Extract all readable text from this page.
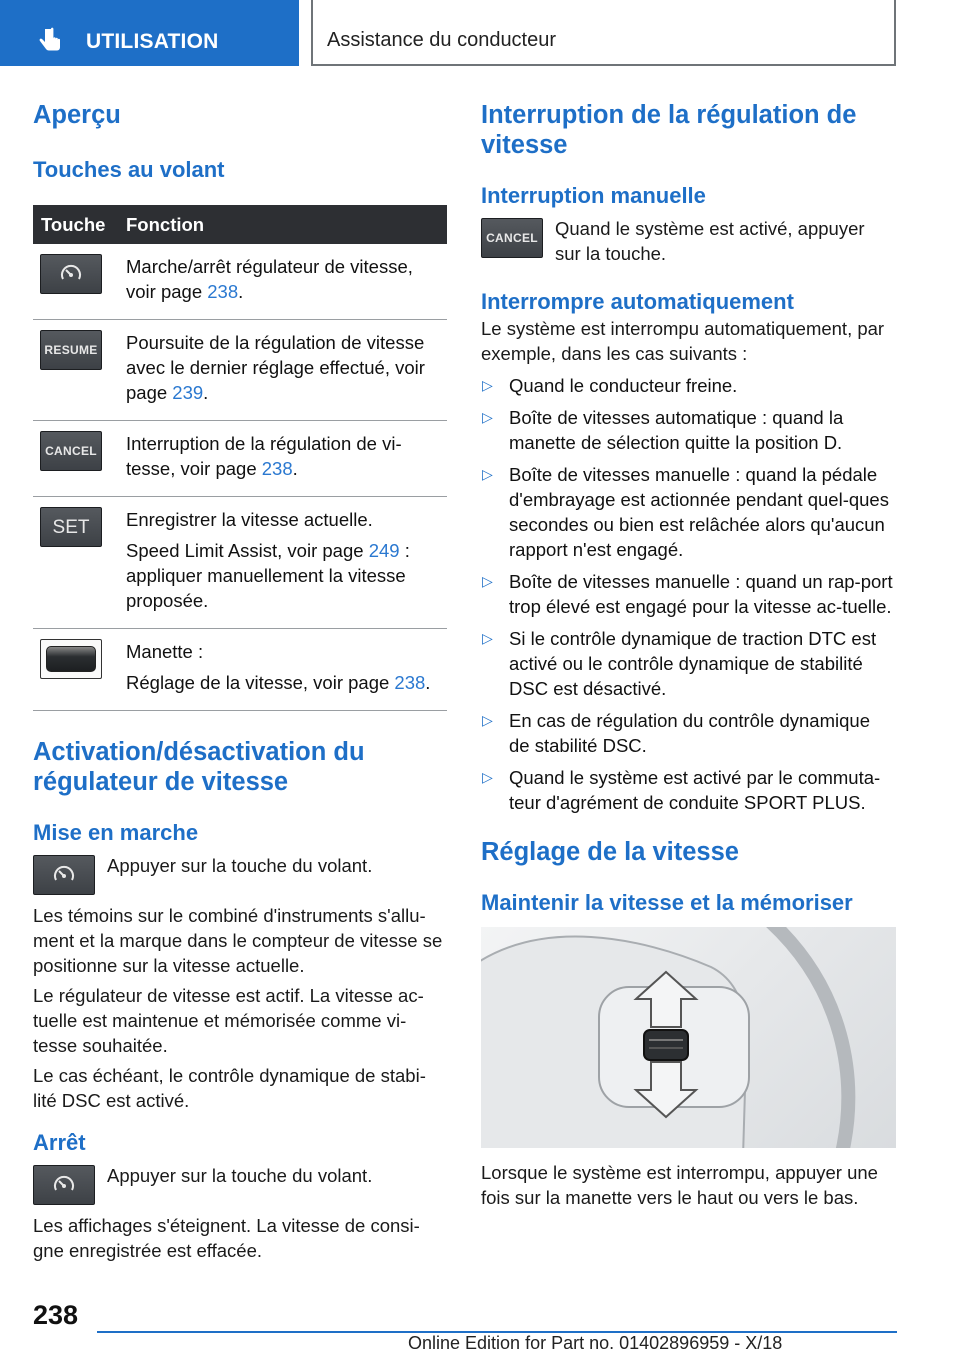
UTILISATION	Assistance du conducteur
Aperçu
Touches au volant
Touche	Fonction

Marche/arrêt régulateur de vitesse, voir page 238.

RESUME	Poursuite de la régulation de vitesse avec le dernier réglage effectué, voir page 239.

CANCEL	Interruption de la régulation de vi‐tesse, voir page 238.

SET	Enregistrer la vitesse actuelle.

Speed Limit Assist, voir page 249 : appliquer manuellement la vitesse proposée.

	Manette :

Réglage de la vitesse, voir page 238.

Activation/désactivation du régulateur de vitesse
Mise en marche

Appuyer sur la touche du volant.

Les témoins sur le combiné d'instruments s'allu‐ment et la marque dans le compteur de vitesse se positionne sur la vitesse actuelle.

Le régulateur de vitesse est actif. La vitesse ac‐tuelle est maintenue et mémorisée comme vi‐tesse souhaitée.

Le cas échéant, le contrôle dynamique de stabi‐lité DSC est activé.

Arrêt

Appuyer sur la touche du volant.

Les affichages s'éteignent. La vitesse de consi‐gne enregistrée est effacée.

Interruption de la régulation de vitesse
Interruption manuelle
CANCEL Quand le système est activé, appuyer sur la touche.

Interrompre automatiquement

Le système est interrompu automatiquement, par exemple, dans les cas suivants :

▷ Quand le conducteur freine.
▷ Boîte de vitesses automatique : quand la manette de sélection quitte la position D.
▷ Boîte de vitesses manuelle : quand la pédale d'embrayage est actionnée pendant quel‐ques secondes ou bien est relâchée alors qu'aucun rapport n'est engagé.
▷ Boîte de vitesses manuelle : quand un rap‐port trop élevé est engagé pour la vitesse ac‐tuelle.
▷ Si le contrôle dynamique de traction DTC est activé ou le contrôle dynamique de stabilité DSC est désactivé.
▷ En cas de régulation du contrôle dynamique de stabilité DSC.
▷ Quand le système est activé par le commuta‐teur d'agrément de conduite SPORT PLUS.
Réglage de la vitesse
Maintenir la vitesse et la mémoriser

Lorsque le système est interrompu, appuyer une fois sur la manette vers le haut ou vers le bas.

238
Online Edition for Part no. 01402896959 - X/18
